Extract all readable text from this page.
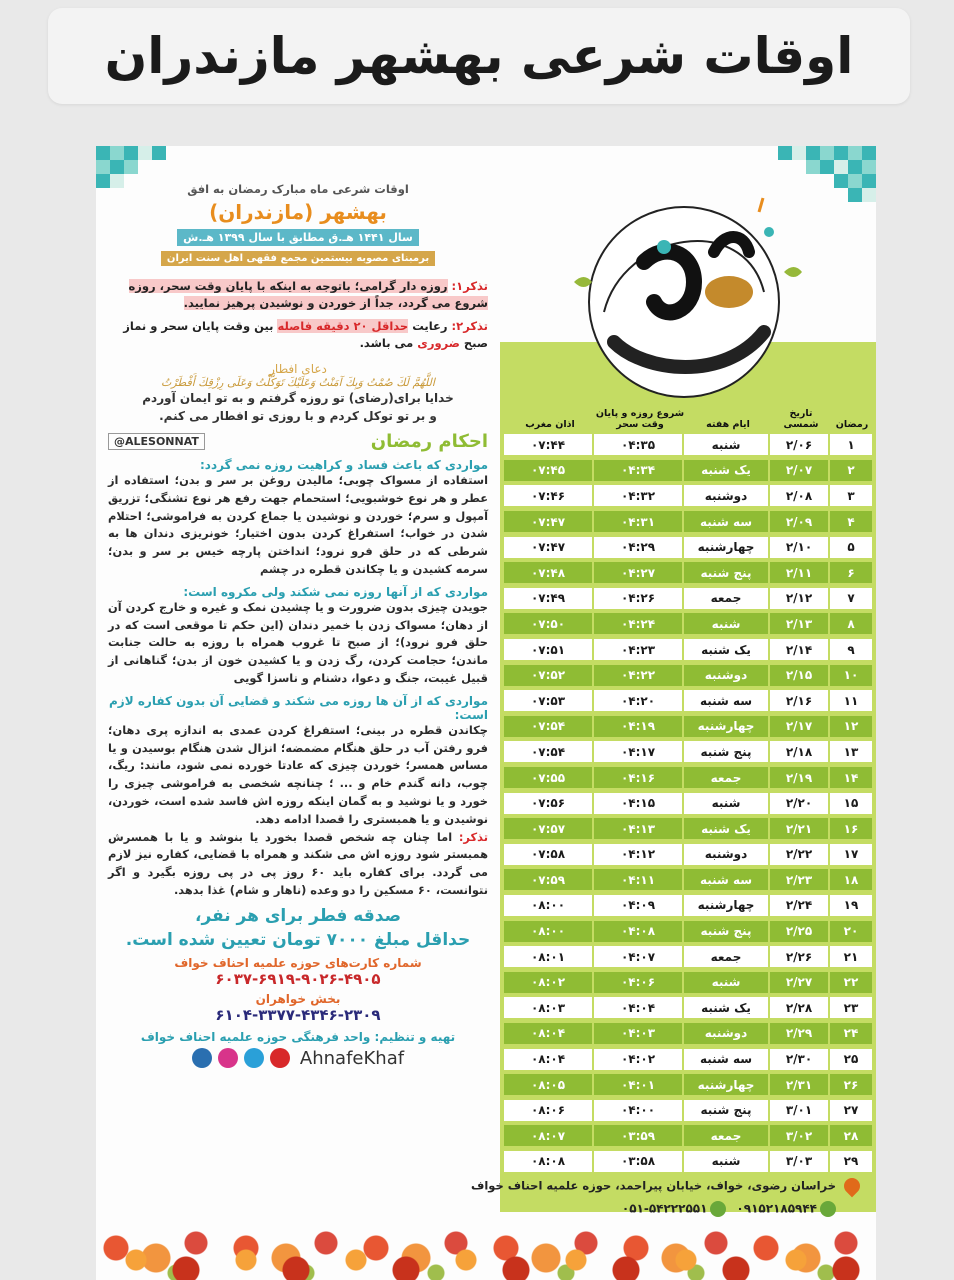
اوقات شرعی بهشهر مازندران
اوقات شرعی ماه مبارک رمضان به افق
بهشهر (مازندران)
سال ۱۴۴۱ هـ.ق مطابق با سال ۱۳۹۹ هـ.ش
برمبنای مصوبه بیستمین مجمع فقهی اهل سنت ایران
تذکر۱: روزه دار گرامی؛ باتوجه به اینکه با پایان وقت سحر، روزه شروع می گردد، جداً از خوردن و نوشیدن پرهیز نمایید.
تذکر۲: رعایت حداقل ۲۰ دقیقه فاصله بین وقت پایان سحر و نماز صبح ضروری می باشد.
دعای افطار
اللَّهُمَّ لَكَ صُمْتُ وَبِكَ آمَنْتُ وَعَلَيْكَ تَوَكَّلْتُ وَعَلَى رِزْقِكَ أَفْطَرْتُ
خدایا برای(رضای) تو روزه گرفتم و به تو ایمان آوردم
و بر تو توکل کردم و با روزی تو افطار می کنم.
احکام رمضان
@ALESONNAT
مواردی که باعث فساد و کراهیت روزه نمی گردد:
استفاده از مسواک چوبی؛ مالیدن روغن بر سر و بدن؛ استفاده از عطر و هر نوع خوشبویی؛ استحمام جهت رفع هر نوع تشنگی؛ تزریق آمپول و سرم؛ خوردن و نوشیدن یا جماع کردن به فراموشی؛ احتلام شدن در خواب؛ استفراغ کردن بدون اختیار؛ خونریزی دندان ها به شرطی که در حلق فرو نرود؛ انداختن پارچه خیس بر سر و بدن؛ سرمه کشیدن و یا چکاندن قطره در چشم
مواردی که از آنها روزه نمی شکند ولی مکروه است:
جویدن چیزی بدون ضرورت و یا چشیدن نمک و غیره و خارج کردن آن از دهان؛ مسواک زدن با خمیر دندان (این حکم تا موقعی است که در حلق فرو نرود)؛ از صبح تا غروب همراه با روزه به حالت جنابت ماندن؛ حجامت کردن، رگ زدن و یا کشیدن خون از بدن؛ گناهانی از قبیل غیبت، جنگ و دعوا، دشنام و ناسزا گویی
مواردی که از آن ها روزه می شکند و قضایی آن بدون کفاره لازم است:
چکاندن قطره در بینی؛ استفراغ کردن عمدی به اندازه پری دهان؛ فرو رفتن آب در حلق هنگام مضمضه؛ انزال شدن هنگام بوسیدن و یا مساس همسر؛ خوردن چیزی که عادتا خورده نمی شود، مانند: ریگ، چوب، دانه گندم خام و ... ؛ چنانچه شخصی به فراموشی چیزی را خورد و یا نوشید و به گمان اینکه روزه اش فاسد شده است، خوردن، نوشیدن و یا همبستری را قصدا ادامه دهد.
تذکر: اما چنان چه شخص قصدا بخورد یا بنوشد و یا با همسرش همبستر شود روزه اش می شکند و همراه با قضایی، کفاره نیز لازم می گردد. برای کفاره باید ۶۰ روز پی در پی روزه بگیرد و اگر نتوانست، ۶۰ مسکین را دو وعده (ناهار و شام) غذا بدهد.
صدقه فطر برای هر نفر،
حداقل مبلغ ۷۰۰۰ تومان تعیین شده است.
شماره کارت‌های حوزه علمیه احناف خواف
۶۰۳۷-۶۹۱۹-۹۰۲۶-۴۹۰۵
بخش خواهران
۶۱۰۴-۳۳۷۷-۴۳۴۶-۲۳۰۹
تهیه و تنظیم: واحد فرهنگی حوزه علمیه احناف خواف
AhnafeKhaf
رمضان
تاریخ شمسی
ایام هفته
شروع روزه و پایان وقت سحر
اذان مغرب
۱
۲/۰۶
شنبه
۰۴:۳۵
۰۷:۴۴
۲
۲/۰۷
یک شنبه
۰۴:۳۴
۰۷:۴۵
۳
۲/۰۸
دوشنبه
۰۴:۳۲
۰۷:۴۶
۴
۲/۰۹
سه شنبه
۰۴:۳۱
۰۷:۴۷
۵
۲/۱۰
چهارشنبه
۰۴:۲۹
۰۷:۴۷
۶
۲/۱۱
پنج شنبه
۰۴:۲۷
۰۷:۴۸
۷
۲/۱۲
جمعه
۰۴:۲۶
۰۷:۴۹
۸
۲/۱۳
شنبه
۰۴:۲۴
۰۷:۵۰
۹
۲/۱۴
یک شنبه
۰۴:۲۳
۰۷:۵۱
۱۰
۲/۱۵
دوشنبه
۰۴:۲۲
۰۷:۵۲
۱۱
۲/۱۶
سه شنبه
۰۴:۲۰
۰۷:۵۳
۱۲
۲/۱۷
چهارشنبه
۰۴:۱۹
۰۷:۵۴
۱۳
۲/۱۸
پنج شنبه
۰۴:۱۷
۰۷:۵۴
۱۴
۲/۱۹
جمعه
۰۴:۱۶
۰۷:۵۵
۱۵
۲/۲۰
شنبه
۰۴:۱۵
۰۷:۵۶
۱۶
۲/۲۱
یک شنبه
۰۴:۱۳
۰۷:۵۷
۱۷
۲/۲۲
دوشنبه
۰۴:۱۲
۰۷:۵۸
۱۸
۲/۲۳
سه شنبه
۰۴:۱۱
۰۷:۵۹
۱۹
۲/۲۴
چهارشنبه
۰۴:۰۹
۰۸:۰۰
۲۰
۲/۲۵
پنج شنبه
۰۴:۰۸
۰۸:۰۰
۲۱
۲/۲۶
جمعه
۰۴:۰۷
۰۸:۰۱
۲۲
۲/۲۷
شنبه
۰۴:۰۶
۰۸:۰۲
۲۳
۲/۲۸
یک شنبه
۰۴:۰۴
۰۸:۰۳
۲۴
۲/۲۹
دوشنبه
۰۴:۰۳
۰۸:۰۴
۲۵
۲/۳۰
سه شنبه
۰۴:۰۲
۰۸:۰۴
۲۶
۲/۳۱
چهارشنبه
۰۴:۰۱
۰۸:۰۵
۲۷
۳/۰۱
پنج شنبه
۰۴:۰۰
۰۸:۰۶
۲۸
۳/۰۲
جمعه
۰۳:۵۹
۰۸:۰۷
۲۹
۳/۰۳
شنبه
۰۳:۵۸
۰۸:۰۸
خراسان رضوی، خواف، خیابان پیراحمد، حوزه علمیه احناف خواف
۰۹۱۵۲۱۸۵۹۴۴
۰۵۱-۵۴۲۲۲۵۵۱
